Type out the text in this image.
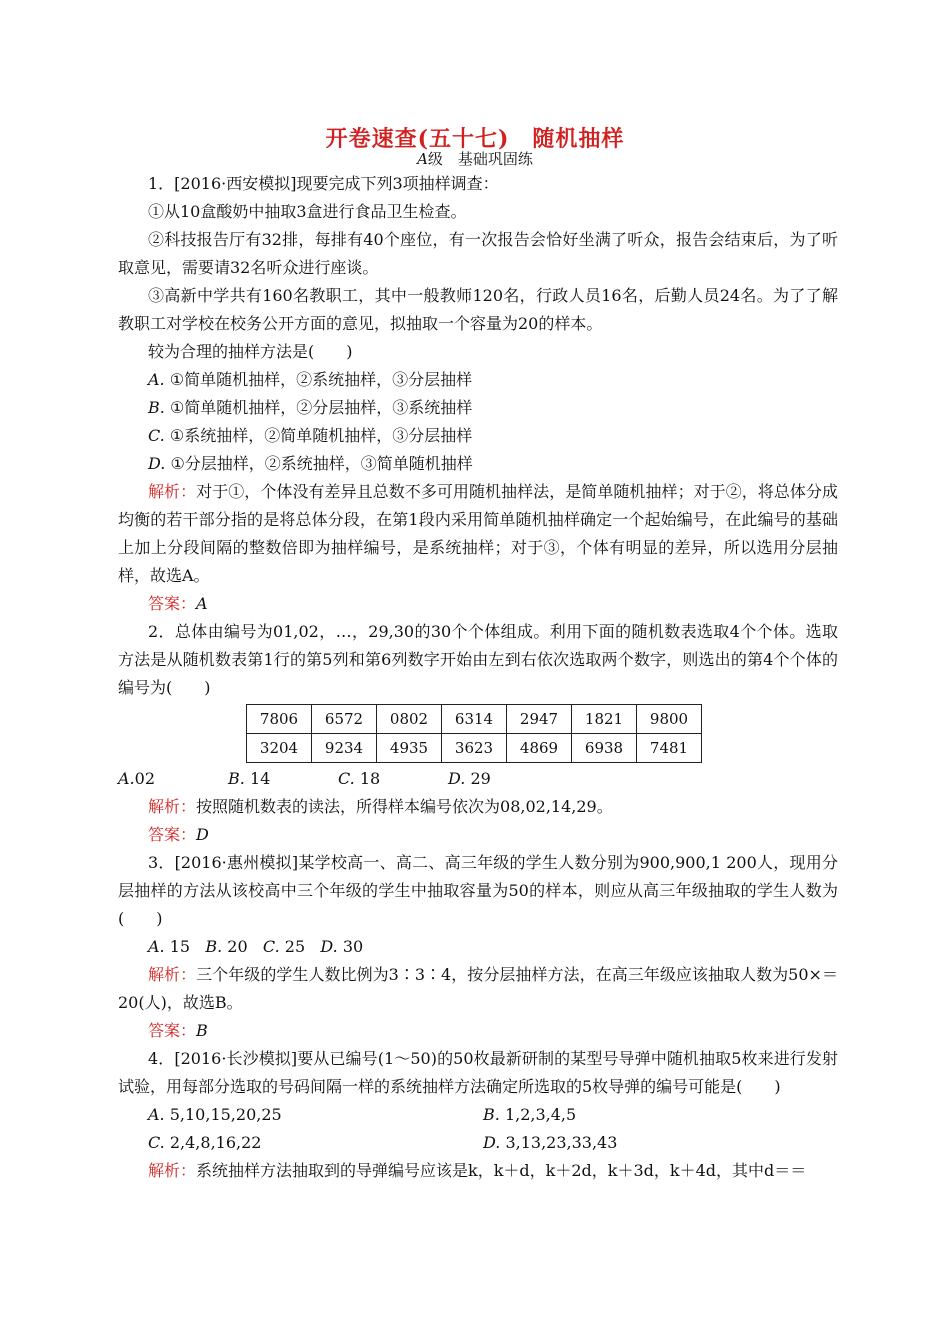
开卷速查(五十七)　随机抽样
A级　基础巩固练

1．[2016·西安模拟]现要完成下列3项抽样调查：

①从10盒酸奶中抽取3盒进行食品卫生检查。

②科技报告厅有32排，每排有40个座位，有一次报告会恰好坐满了听众，报告会结束后，为了听取意见，需要请32名听众进行座谈。

③高新中学共有160名教职工，其中一般教师120名，行政人员16名，后勤人员24名。为了了解教职工对学校在校务公开方面的意见，拟抽取一个容量为20的样本。

较为合理的抽样方法是(　　)

A. ①简单随机抽样，②系统抽样，③分层抽样

B. ①简单随机抽样，②分层抽样，③系统抽样

C. ①系统抽样，②简单随机抽样，③分层抽样

D. ①分层抽样，②系统抽样，③简单随机抽样

解析：对于①，个体没有差异且总数不多可用随机抽样法，是简单随机抽样；对于②，将总体分成均衡的若干部分指的是将总体分段，在第1段内采用简单随机抽样确定一个起始编号，在此编号的基础上加上分段间隔的整数倍即为抽样编号，是系统抽样；对于③，个体有明显的差异，所以选用分层抽样，故选A。

答案：A

2．总体由编号为01,02，…，29,30的30个个体组成。利用下面的随机数表选取4个个体。选取方法是从随机数表第1行的第5列和第6列数字开始由左到右依次选取两个数字，则选出的第4个个体的编号为(　　)

7806	6572	0802	6314	2947	1821	9800
3204	9234	4935	3623	4869	6938	7481
A.02	B. 14	C. 18	D. 29

解析：按照随机数表的读法，所得样本编号依次为08,02,14,29。

答案：D

3．[2016·惠州模拟]某学校高一、高二、高三年级的学生人数分别为900,900,1 200人，现用分层抽样的方法从该校高中三个年级的学生中抽取容量为50的样本，则应从高三年级抽取的学生人数为(　　)

A. 15 B. 20 C. 25 D. 30

解析：三个年级的学生人数比例为3∶3∶4，按分层抽样方法，在高三年级应该抽取人数为50×＝20(人)，故选B。

答案：B

4．[2016·长沙模拟]要从已编号(1～50)的50枚最新研制的某型号导弹中随机抽取5枚来进行发射试验，用每部分选取的号码间隔一样的系统抽样方法确定所选取的5枚导弹的编号可能是(　　)

A. 5,10,15,20,25	B. 1,2,3,4,5
C. 2,4,8,16,22	D. 3,13,23,33,43

解析：系统抽样方法抽取到的导弹编号应该是k，k＋d，k＋2d，k＋3d，k＋4d，其中d＝＝
